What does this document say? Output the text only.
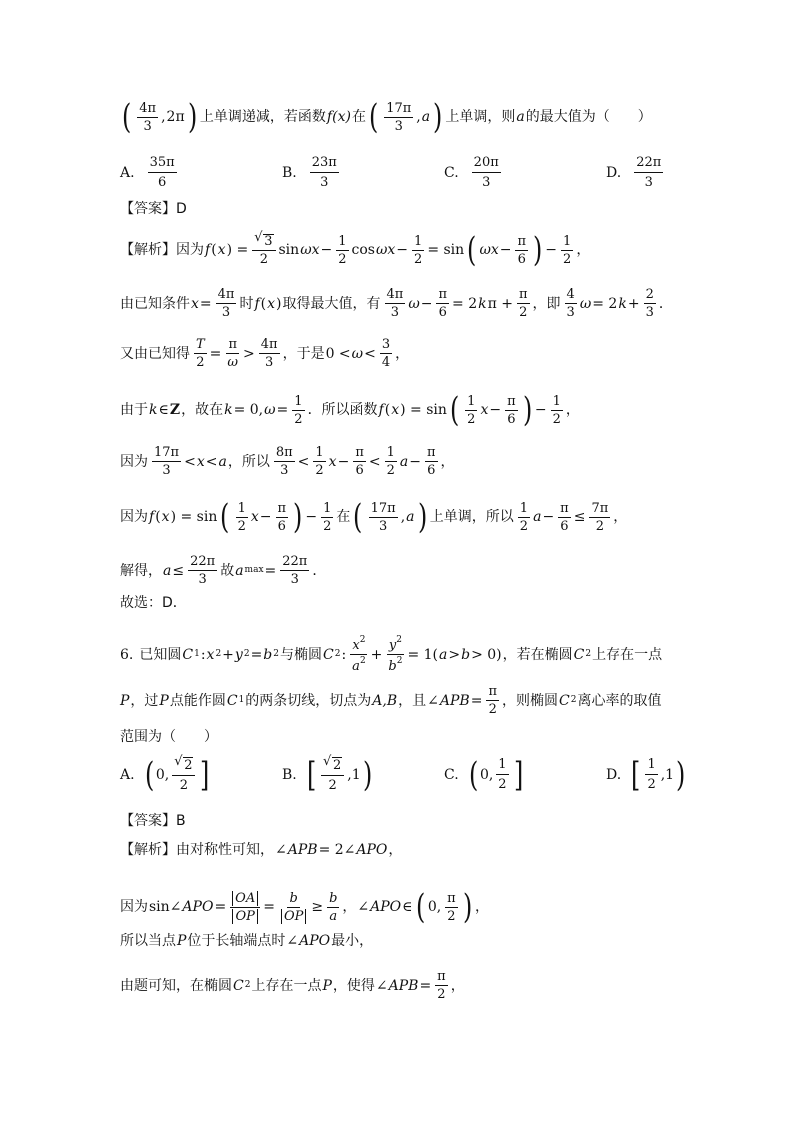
( $\frac{4\pi}{3}$ , 2π ) 上单调递减，若函数 f(x) 在 ( $\frac{17\pi}{3}$ , a ) 上单调，则 a 的最大值为（　　）
A. $\frac{35\pi}{6}$	B. $\frac{23\pi}{3}$	C. $\frac{20\pi}{3}$	D. $\frac{22\pi}{3}$
【答案】D
【解析】因为 f ( x ) = √ $\frac{3}{2}$ $\sin \omega x - \frac{1}{2}$ $\cos \omega x - \frac{1}{2} = \sin$ ( $\omega x - \frac{\pi}{6}$ ) − $\frac{1}{2}$ ，
由已知条件 $x = \frac{4\pi}{3}$ 时 f ( x ) 取得最大值，有 $\frac{4\pi}{3}$ $\omega - \frac{\pi}{6} = 2$ k $\pi + \frac{\pi}{2}$ ，即 $\frac{4}{3}$ ω = 2 $k + \frac{2}{3}$ ．
又由已知得 $\frac{T}{2} = \frac{\pi}{\omega} > \frac{4\pi}{3}$ ，于是 $0 < \omega < \frac{3}{4}$ ，
由于 k ∈ Z ，故在 k = 0, $\omega = \frac{1}{2}$ ．所以函数 f ( x ) = sin ( $\frac{1}{2}$ $x - \frac{\pi}{6}$ ) − $\frac{1}{2}$ ，
因为 $\frac{17\pi}{3} < x < a$ ，所以 $\frac{8\pi}{3} < \frac{1}{2}$ $x - \frac{\pi}{6} < \frac{1}{2}$ $a - \frac{\pi}{6}$ ，
因为 f ( x ) = sin ( $\frac{1}{2}$ $x - \frac{\pi}{6}$ ) − $\frac{1}{2}$ 在 ( $\frac{17\pi}{3}$ , a ) 上单调，所以 $\frac{1}{2}$ $a - \frac{\pi}{6} \le \frac{7\pi}{2}$ ，
解得， $a \le \frac{22\pi}{3}$ 故 a $\max = \frac{22\pi}{3}$ ．
故选：D．
6. 已知圆 C 1 : x 2 + y 2 = b 2 与椭圆 C 2 : $\frac{x^2}{a^2} + \frac{y^2}{b^2} = 1$( a > b > 0) ，若在椭圆 C 2 上存在一点
P ，过 P 点能作圆 C 1 的两条切线，切点为 A,B ，且 ∠ APB = $\frac{\pi}{2}$ ，则椭圆 C 2 离心率的取值
范围为（　　）
A. ( 0, √ $\frac{2}{2}$ ]	B. [ √ $\frac{2}{2} ,1$ )	C. ( 0, $\frac{1}{2}$ ]	D. [ $\frac{1}{2} ,1$ )
【答案】B
【解析】由对称性可知， ∠ APB = 2∠ APO ，
因为 sin∠ APO = $\frac{OA}{OP} = \frac{b}{OP} \ge \frac{b}{a}$ ， ∠ APO ∈ ( 0, $\frac{\pi}{2}$ ) ，
所以当点 P 位于长轴端点时 ∠ APO 最小，
由题可知，在椭圆 C 2 上存在一点 P ，使得 ∠ APB = $\frac{\pi}{2}$ ，
